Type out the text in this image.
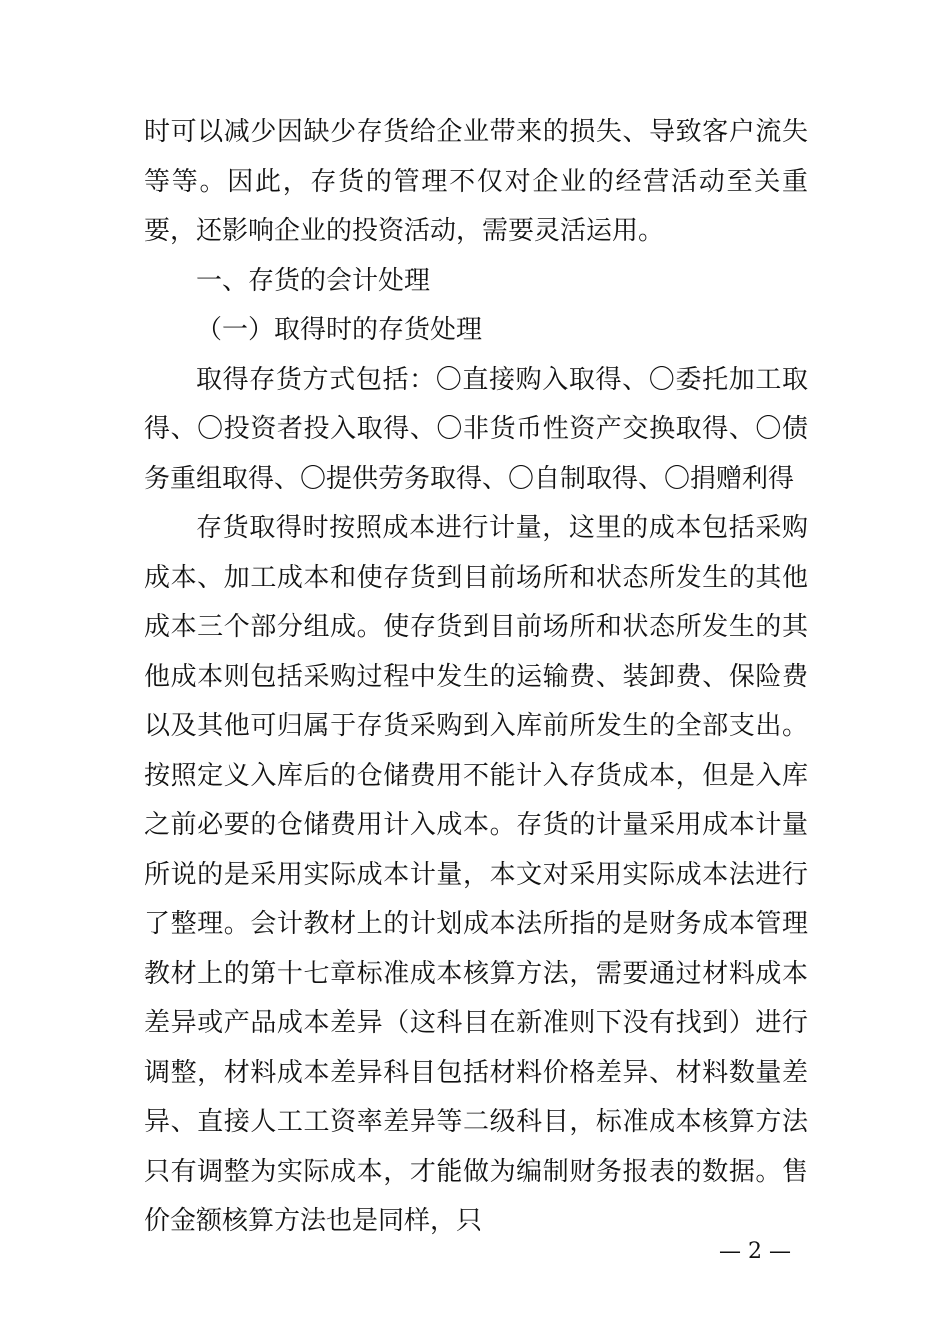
时可以减少因缺少存货给企业带来的损失、导致客户流失等等。因此，存货的管理不仅对企业的经营活动至关重要，还影响企业的投资活动，需要灵活运用。

一、存货的会计处理

（一）取得时的存货处理

取得存货方式包括：〇直接购入取得、〇委托加工取得、〇投资者投入取得、〇非货币性资产交换取得、〇债务重组取得、〇提供劳务取得、〇自制取得、〇捐赠利得

存货取得时按照成本进行计量，这里的成本包括采购成本、加工成本和使存货到目前场所和状态所发生的其他成本三个部分组成。使存货到目前场所和状态所发生的其他成本则包括采购过程中发生的运输费、装卸费、保险费以及其他可归属于存货采购到入库前所发生的全部支出。按照定义入库后的仓储费用不能计入存货成本，但是入库之前必要的仓储费用计入成本。存货的计量采用成本计量所说的是采用实际成本计量，本文对采用实际成本法进行了整理。会计教材上的计划成本法所指的是财务成本管理教材上的第十七章标准成本核算方法，需要通过材料成本差异或产品成本差异（这科目在新准则下没有找到）进行调整，材料成本差异科目包括材料价格差异、材料数量差异、直接人工工资率差异等二级科目，标准成本核算方法只有调整为实际成本，才能做为编制财务报表的数据。售价金额核算方法也是同样，只

— 2 —
